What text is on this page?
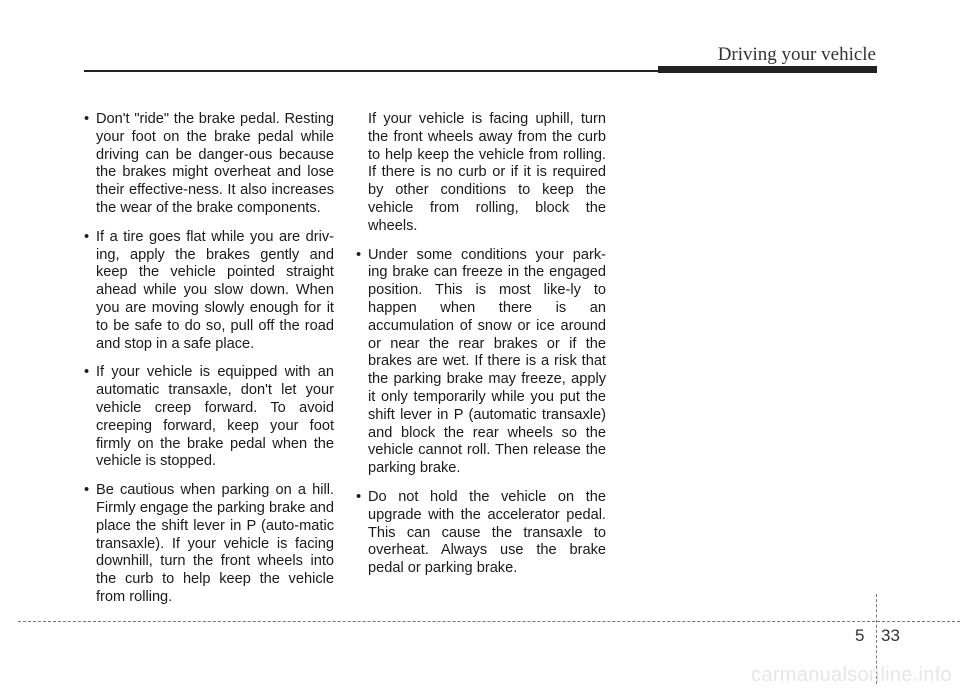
Driving your vehicle
• Don't "ride" the brake pedal. Resting your foot on the brake pedal while driving can be danger-ous because the brakes might overheat and lose their effective-ness. It also increases the wear of the brake components.
• If a tire goes flat while you are driv-ing, apply the brakes gently and keep the vehicle pointed straight ahead while you slow down. When you are moving slowly enough for it to be safe to do so, pull off the road and stop in a safe place.
• If your vehicle is equipped with an automatic transaxle, don't let your vehicle creep forward. To avoid creeping forward, keep your foot firmly on the brake pedal when the vehicle is stopped.
• Be cautious when parking on a hill. Firmly engage the parking brake and place the shift lever in P (auto-matic transaxle). If your vehicle is facing downhill, turn the front wheels into the curb to help keep the vehicle from rolling.

If your vehicle is facing uphill, turn the front wheels away from the curb to help keep the vehicle from rolling. If there is no curb or if it is required by other conditions to keep the vehicle from rolling, block the wheels.

• Under some conditions your park-ing brake can freeze in the engaged position. This is most like-ly to happen when there is an accumulation of snow or ice around or near the rear brakes or if the brakes are wet. If there is a risk that the parking brake may freeze, apply it only temporarily while you put the shift lever in P (automatic transaxle) and block the rear wheels so the vehicle cannot roll. Then release the parking brake.
• Do not hold the vehicle on the upgrade with the accelerator pedal. This can cause the transaxle to overheat. Always use the brake pedal or parking brake.
5 33
carmanualsonline.info
